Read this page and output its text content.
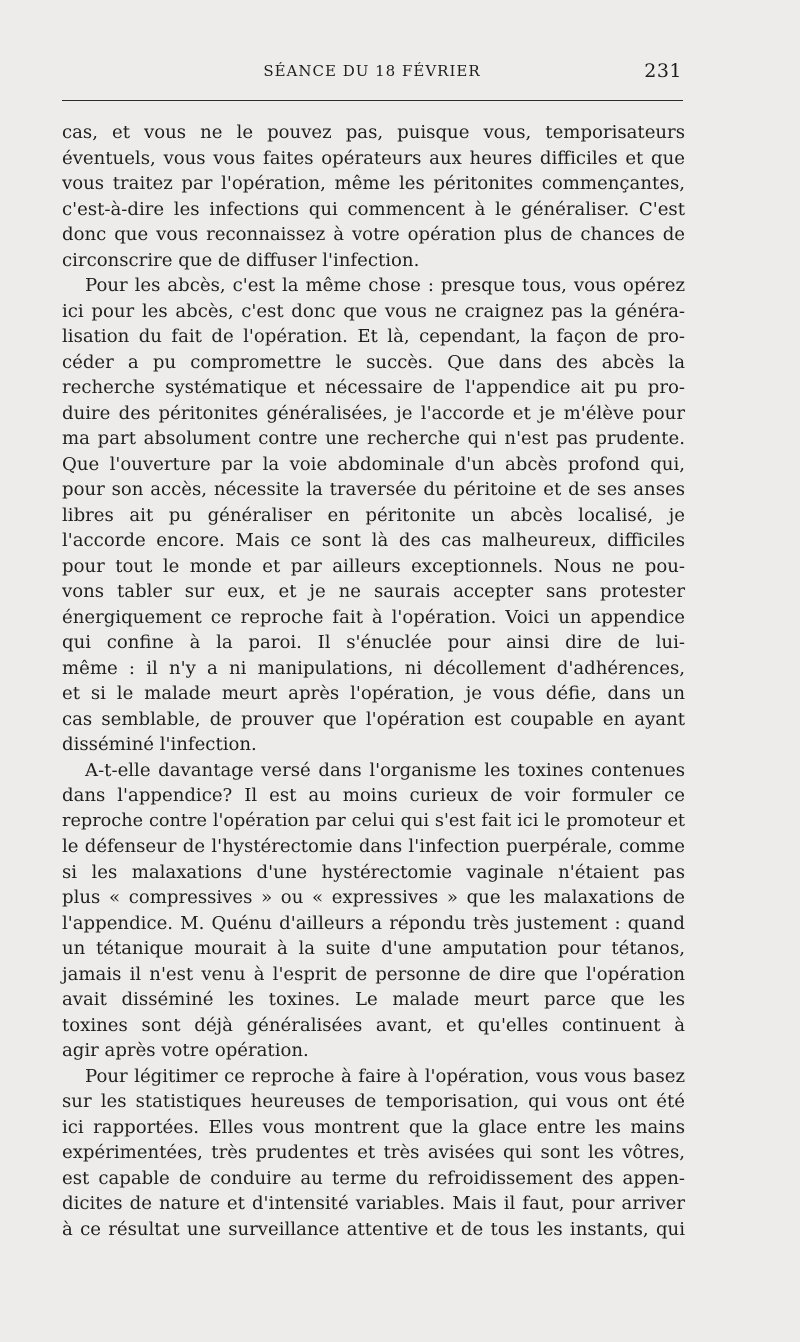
SÉANCE DU 18 FÉVRIER	231
cas, et vous ne le pouvez pas, puisque vous, temporisateurs
éventuels, vous vous faites opérateurs aux heures difficiles et que
vous traitez par l'opération, même les péritonites commençantes,
c'est-à-dire les infections qui commencent à le généraliser. C'est
donc que vous reconnaissez à votre opération plus de chances de
circonscrire que de diffuser l'infection.
Pour les abcès, c'est la même chose : presque tous, vous opérez
ici pour les abcès, c'est donc que vous ne craignez pas la généra-
lisation du fait de l'opération. Et là, cependant, la façon de pro-
céder a pu compromettre le succès. Que dans des abcès la
recherche systématique et nécessaire de l'appendice ait pu pro-
duire des péritonites généralisées, je l'accorde et je m'élève pour
ma part absolument contre une recherche qui n'est pas prudente.
Que l'ouverture par la voie abdominale d'un abcès profond qui,
pour son accès, nécessite la traversée du péritoine et de ses anses
libres ait pu généraliser en péritonite un abcès localisé, je
l'accorde encore. Mais ce sont là des cas malheureux, difficiles
pour tout le monde et par ailleurs exceptionnels. Nous ne pou-
vons tabler sur eux, et je ne saurais accepter sans protester
énergiquement ce reproche fait à l'opération. Voici un appendice
qui confine à la paroi. Il s'énuclée pour ainsi dire de lui-
même : il n'y a ni manipulations, ni décollement d'adhérences,
et si le malade meurt après l'opération, je vous défie, dans un
cas semblable, de prouver que l'opération est coupable en ayant
disséminé l'infection.
A-t-elle davantage versé dans l'organisme les toxines contenues
dans l'appendice? Il est au moins curieux de voir formuler ce
reproche contre l'opération par celui qui s'est fait ici le promoteur et
le défenseur de l'hystérectomie dans l'infection puerpérale, comme
si les malaxations d'une hystérectomie vaginale n'étaient pas
plus « compressives » ou « expressives » que les malaxations de
l'appendice. M. Quénu d'ailleurs a répondu très justement : quand
un tétanique mourait à la suite d'une amputation pour tétanos,
jamais il n'est venu à l'esprit de personne de dire que l'opération
avait disséminé les toxines. Le malade meurt parce que les
toxines sont déjà généralisées avant, et qu'elles continuent à
agir après votre opération.
Pour légitimer ce reproche à faire à l'opération, vous vous basez
sur les statistiques heureuses de temporisation, qui vous ont été
ici rapportées. Elles vous montrent que la glace entre les mains
expérimentées, très prudentes et très avisées qui sont les vôtres,
est capable de conduire au terme du refroidissement des appen-
dicites de nature et d'intensité variables. Mais il faut, pour arriver
à ce résultat une surveillance attentive et de tous les instants, qui
